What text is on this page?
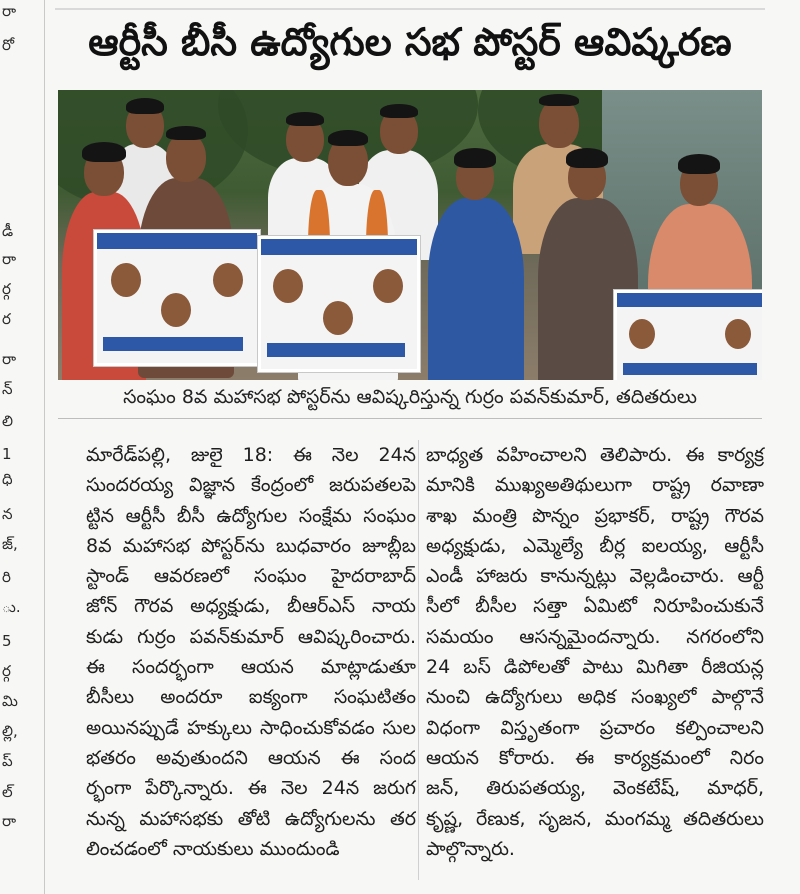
రా
రో
డీ
రా
ర్గ
ర
రా
న్
లి
1
ధి
న
జ్,
రి
ు.
5
ర్గ
మి
ల్లి,
ప్
ల్
రా
ఆర్టీసీ బీసీ ఉద్యోగుల సభ పోస్టర్ ఆవిష్కరణ
సంఘం 8వ మహాసభ పోస్టర్‌ను ఆవిష్కరిస్తున్న గుర్రం పవన్‌కుమార్, తదితరులు
మారేడ్‌పల్లి, జులై 18: ఈ నెల 24న
సుందరయ్య విజ్ఞాన కేంద్రంలో జరుపతలపె
ట్టిన ఆర్టీసీ బీసీ ఉద్యోగుల సంక్షేమ సంఘం
8వ మహాసభ పోస్టర్‌ను బుధవారం జూబ్లీబ
స్టాండ్ ఆవరణలో సంఘం హైదరాబాద్
జోన్ గౌరవ అధ్యక్షుడు, బీఆర్‌ఎస్ నాయ
కుడు గుర్రం పవన్‌కుమార్ ఆవిష్కరించారు.
ఈ సందర్భంగా ఆయన మాట్లాడుతూ
బీసీలు అందరూ ఐక్యంగా సంఘటితం
అయినప్పుడే హక్కులు సాధించుకోవడం సుల
భతరం అవుతుందని ఆయన ఈ సంద
ర్భంగా పేర్కొన్నారు. ఈ నెల 24న జరుగ
నున్న మహాసభకు తోటి ఉద్యోగులను తర
లించడంలో నాయకులు ముందుండి
బాధ్యత వహించాలని తెలిపారు. ఈ కార్యక్ర
మానికి ముఖ్యఅతిథులుగా రాష్ట్ర రవాణా
శాఖ మంత్రి పొన్నం ప్రభాకర్, రాష్ట్ర గౌరవ
అధ్యక్షుడు, ఎమ్మెల్యే బీర్ల ఐలయ్య, ఆర్టీసీ
ఎండీ హాజరు కానున్నట్లు వెల్లడించారు. ఆర్టీ
సీలో బీసీల సత్తా ఏమిటో నిరూపించుకునే
సమయం ఆసన్నమైందన్నారు. నగరంలోని
24 బస్ డిపోలతో పాటు మిగితా రీజియన్ల
నుంచి ఉద్యోగులు అధిక సంఖ్యలో పాల్గొనే
విధంగా విస్తృతంగా ప్రచారం కల్పించాలని
ఆయన కోరారు. ఈ కార్యక్రమంలో నిరం
జన్, తిరుపతయ్య, వెంకటేష్, మాధర్,
కృష్ణ, రేణుక, సృజన, మంగమ్మ తదితరులు
పాల్గొన్నారు.
